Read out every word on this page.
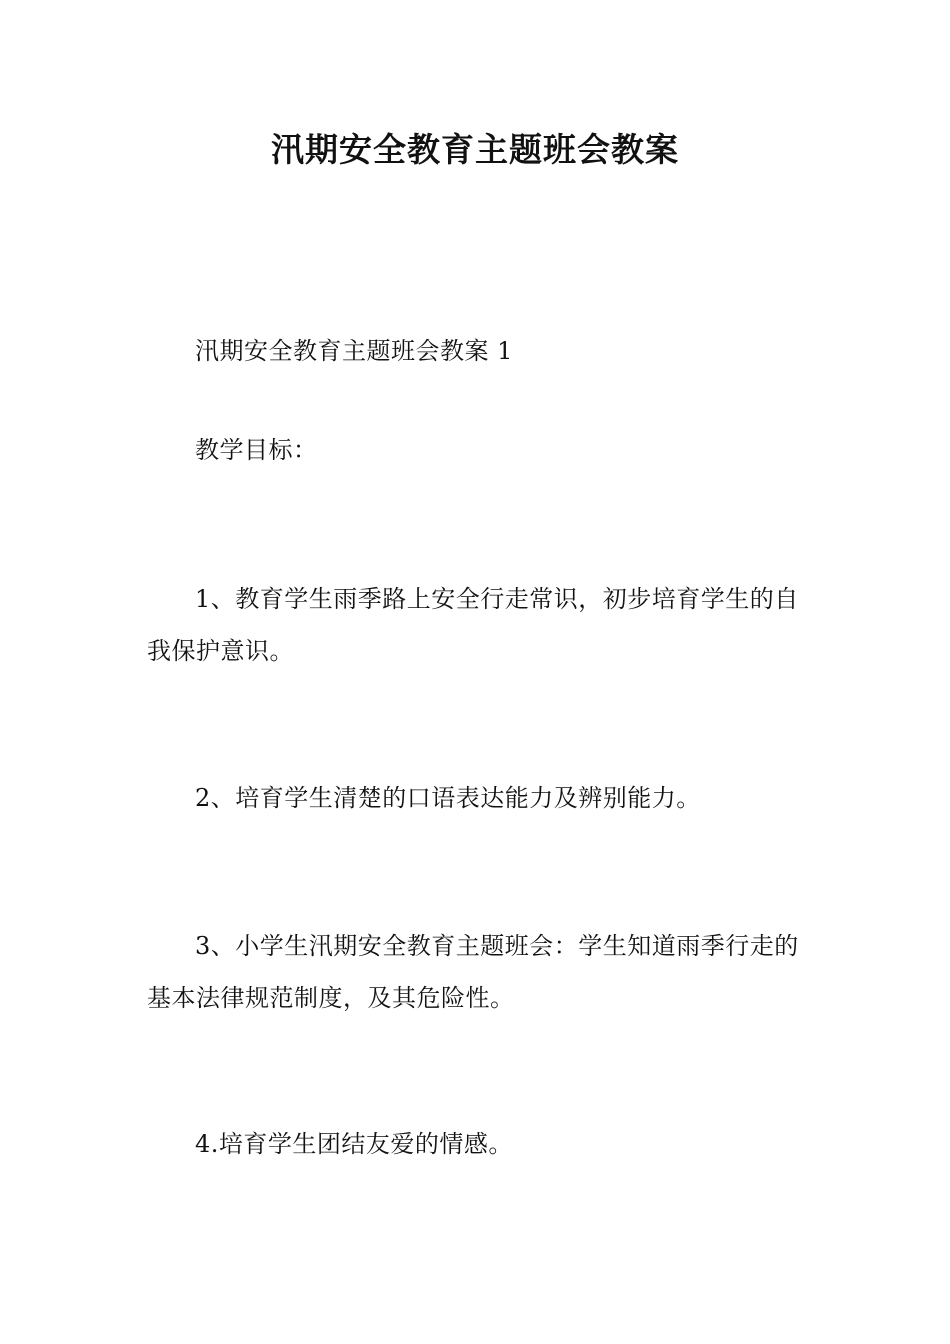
汛期安全教育主题班会教案

汛期安全教育主题班会教案 1

教学目标：

1、教育学生雨季路上安全行走常识，初步培育学生的自我保护意识。

2、培育学生清楚的口语表达能力及辨别能力。

3、小学生汛期安全教育主题班会：学生知道雨季行走的基本法律规范制度，及其危险性。

4.培育学生团结友爱的情感。
